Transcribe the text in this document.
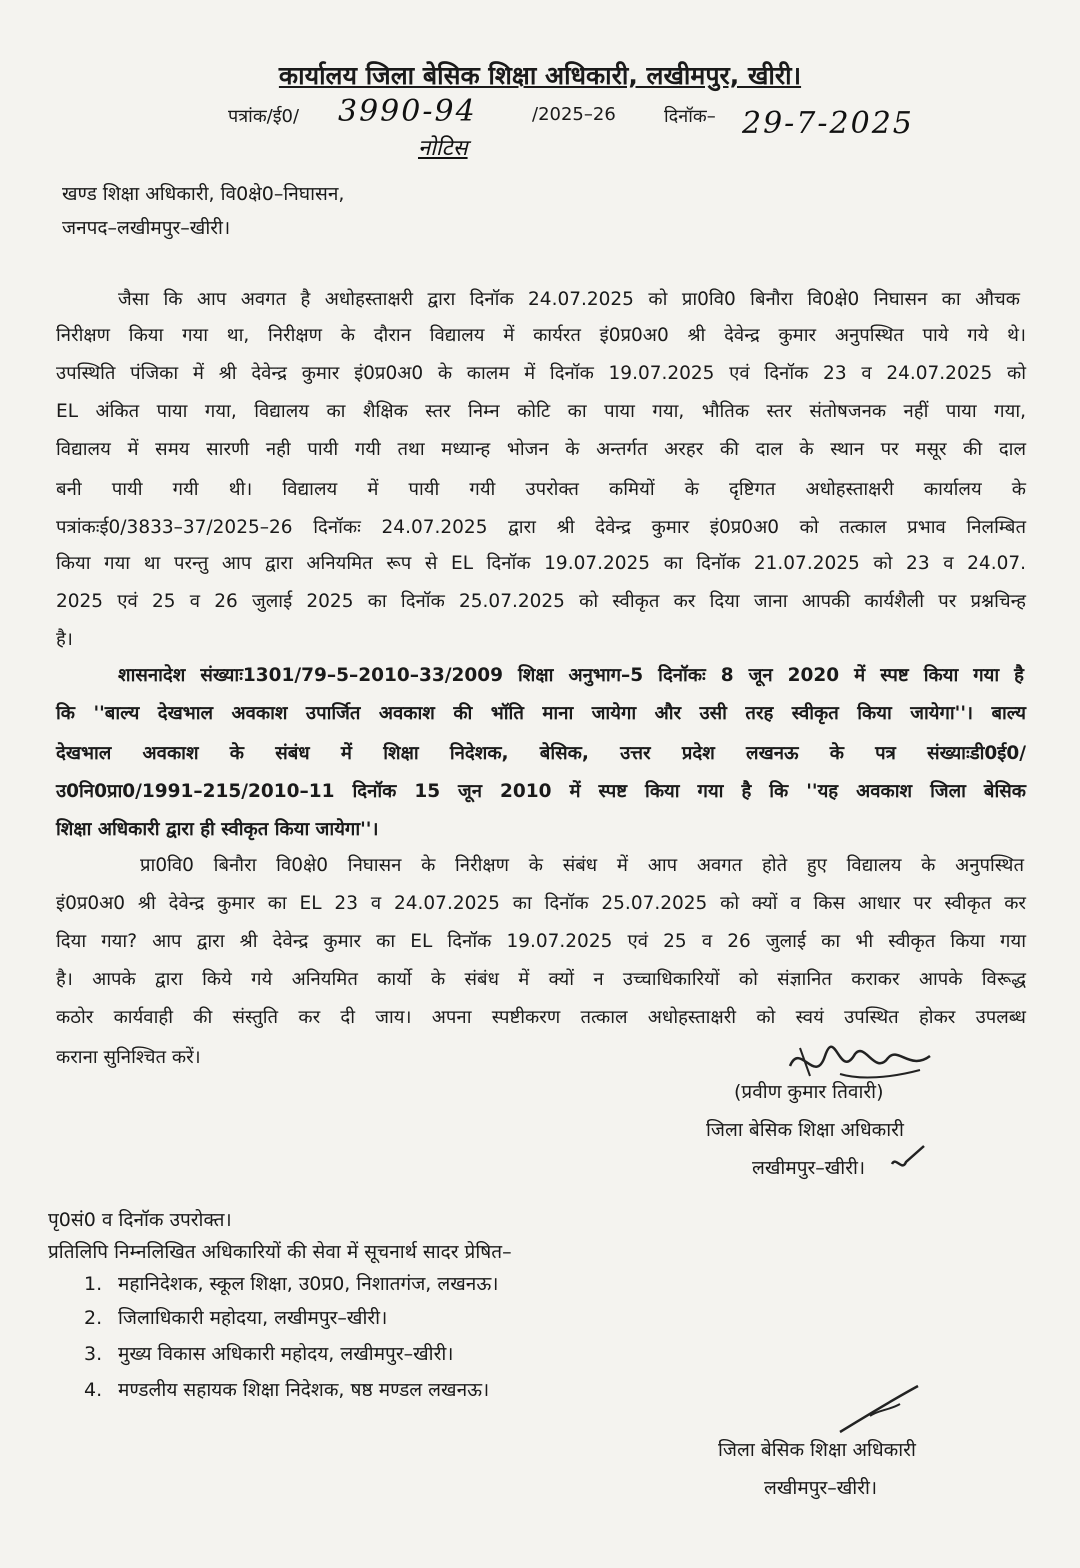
कार्यालय जिला बेसिक शिक्षा अधिकारी, लखीमपुर, खीरी।
पत्रांक/ई0/ 3990-94
नोटिस
/2025–26	दिनॉक– 29-7-2025
खण्ड शिक्षा अधिकारी, वि0क्षे0–निघासन,
जनपद–लखीमपुर–खीरी।
जैसा कि आप अवगत है अधोहस्ताक्षरी द्वारा दिनॉक 24.07.2025 को प्रा0वि0 बिनौरा वि0क्षे0 निघासन का औचक
निरीक्षण किया गया था, निरीक्षण के दौरान विद्यालय में कार्यरत इं0प्र0अ0 श्री देवेन्द्र कुमार अनुपस्थित पाये गये थे।
उपस्थिति पंजिका में श्री देवेन्द्र कुमार इं0प्र0अ0 के कालम में दिनॉक 19.07.2025 एवं दिनॉक 23 व 24.07.2025 को
EL अंकित पाया गया, विद्यालय का शैक्षिक स्तर निम्न कोटि का पाया गया, भौतिक स्तर संतोषजनक नहीं पाया गया,
विद्यालय में समय सारणी नही पायी गयी तथा मध्यान्ह भोजन के अन्तर्गत अरहर की दाल के स्थान पर मसूर की दाल
बनी पायी गयी थी। विद्यालय में पायी गयी उपरोक्त कमियों के दृष्टिगत अधोहस्ताक्षरी कार्यालय के
पत्रांकःई0/3833–37/2025–26 दिनॉकः 24.07.2025 द्वारा श्री देवेन्द्र कुमार इं0प्र0अ0 को तत्काल प्रभाव निलम्बित
किया गया था परन्तु आप द्वारा अनियमित रूप से EL दिनॉक 19.07.2025 का दिनॉक 21.07.2025 को 23 व 24.07.
2025 एवं 25 व 26 जुलाई 2025 का दिनॉक 25.07.2025 को स्वीकृत कर दिया जाना आपकी कार्यशैली पर प्रश्नचिन्ह
है।
शासनादेश संख्याः1301/79–5–2010–33/2009 शिक्षा अनुभाग–5 दिनॉकः 8 जून 2020 में स्पष्ट किया गया है
कि ''बाल्य देखभाल अवकाश उपार्जित अवकाश की भॉति माना जायेगा और उसी तरह स्वीकृत किया जायेगा''। बाल्य
देखभाल अवकाश के संबंध में शिक्षा निदेशक, बेसिक, उत्तर प्रदेश लखनऊ के पत्र संख्याःडी0ई0/
उ0नि0प्रा0/1991–215/2010–11 दिनॉक 15 जून 2010 में स्पष्ट किया गया है कि ''यह अवकाश जिला बेसिक
शिक्षा अधिकारी द्वारा ही स्वीकृत किया जायेगा''।
प्रा0वि0 बिनौरा वि0क्षे0 निघासन के निरीक्षण के संबंध में आप अवगत होते हुए विद्यालय के अनुपस्थित
इं0प्र0अ0 श्री देवेन्द्र कुमार का EL 23 व 24.07.2025 का दिनॉक 25.07.2025 को क्यों व किस आधार पर स्वीकृत कर
दिया गया? आप द्वारा श्री देवेन्द्र कुमार का EL दिनॉक 19.07.2025 एवं 25 व 26 जुलाई का भी स्वीकृत किया गया
है। आपके द्वारा किये गये अनियमित कार्यो के संबंध में क्यों न उच्चाधिकारियों को संज्ञानित कराकर आपके विरूद्ध
कठोर कार्यवाही की संस्तुति कर दी जाय। अपना स्पष्टीकरण तत्काल अधोहस्ताक्षरी को स्वयं उपस्थित होकर उपलब्ध
कराना सुनिश्चित करें।
(प्रवीण कुमार तिवारी)
जिला बेसिक शिक्षा अधिकारी
लखीमपुर–खीरी।
पृ0सं0 व दिनॉक उपरोक्त।
प्रतिलिपि निम्नलिखित अधिकारियों की सेवा में सूचनार्थ सादर प्रेषित–
1. महानिदेशक, स्कूल शिक्षा, उ0प्र0, निशातगंज, लखनऊ।
2. जिलाधिकारी महोदया, लखीमपुर–खीरी।
3. मुख्य विकास अधिकारी महोदय, लखीमपुर–खीरी।
4. मण्डलीय सहायक शिक्षा निदेशक, षष्ठ मण्डल लखनऊ।
जिला बेसिक शिक्षा अधिकारी
लखीमपुर–खीरी।
